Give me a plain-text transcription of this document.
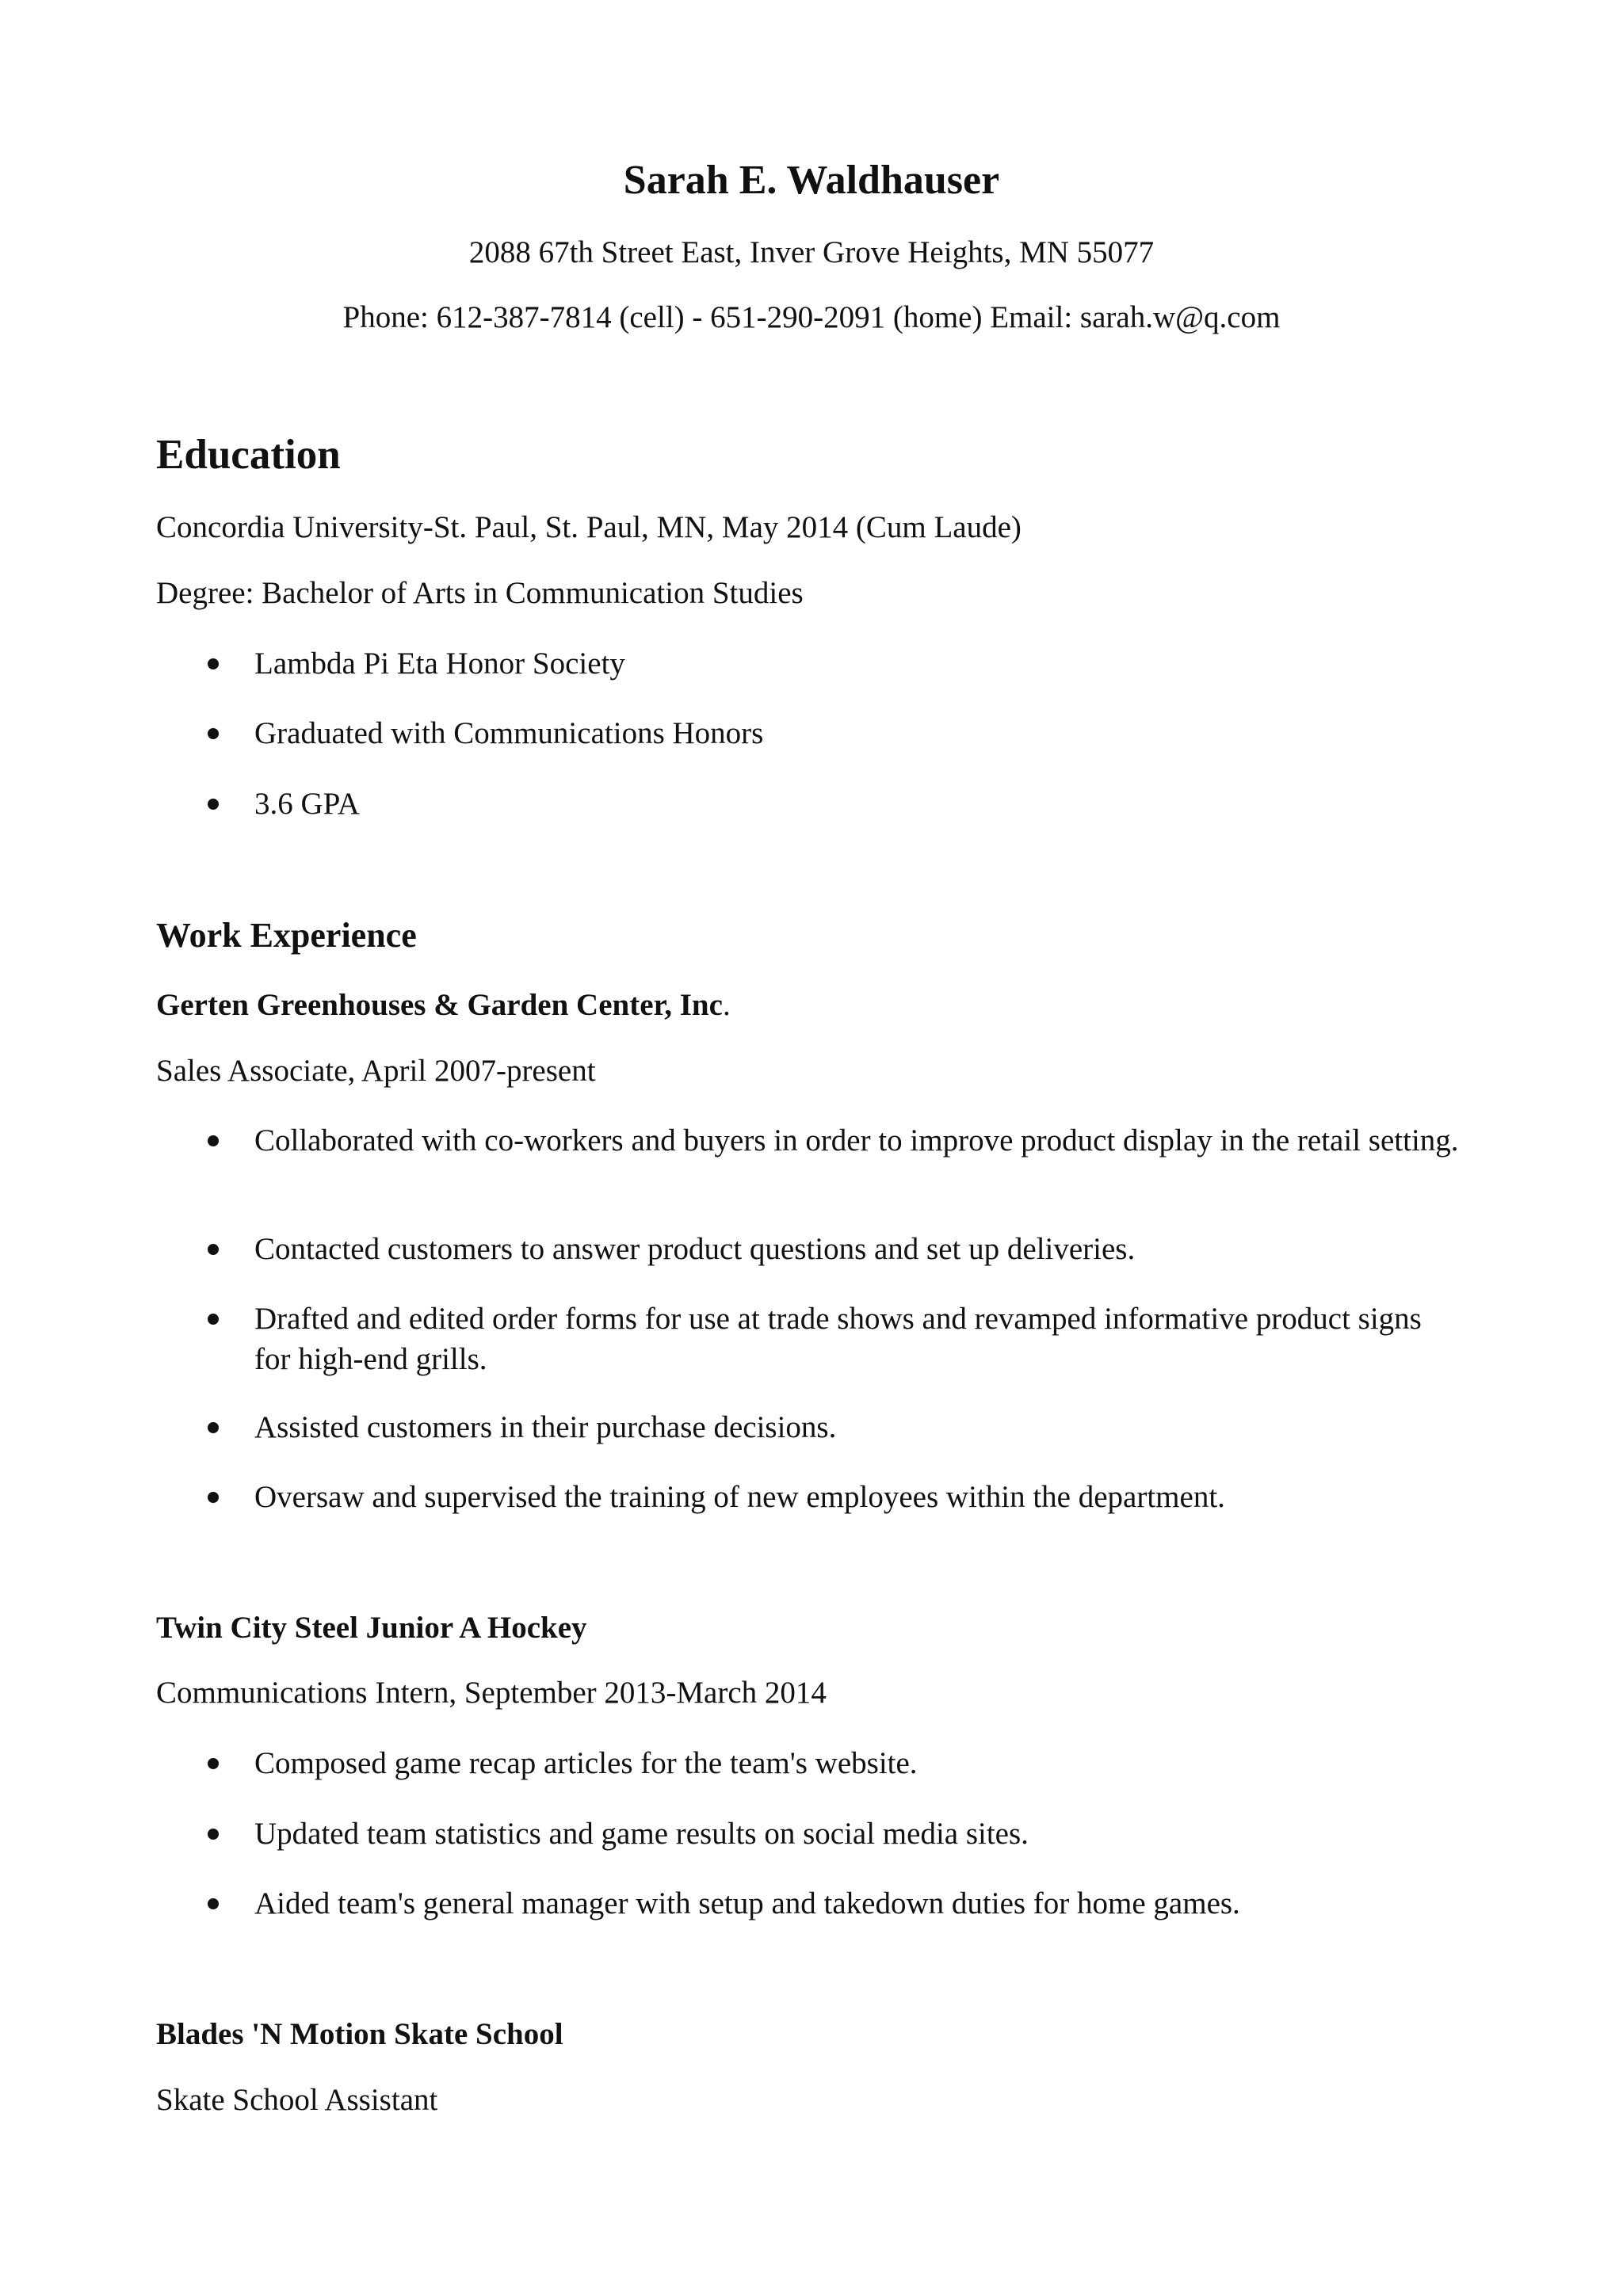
Sarah E. Waldhauser

2088 67th Street East, Inver Grove Heights, MN 55077

Phone: 612-387-7814 (cell) - 651-290-2091 (home) Email: sarah.w@q.com

Education

Concordia University-St. Paul, St. Paul, MN, May 2014 (Cum Laude)

Degree: Bachelor of Arts in Communication Studies

Lambda Pi Eta Honor Society
Graduated with Communications Honors
3.6 GPA
Work Experience

Gerten Greenhouses & Garden Center, Inc.

Sales Associate, April 2007-present

Collaborated with co-workers and buyers in order to improve product display in the retail setting.
Contacted customers to answer product questions and set up deliveries.
Drafted and edited order forms for use at trade shows and revamped informative product signs for high-end grills.
Assisted customers in their purchase decisions.
Oversaw and supervised the training of new employees within the department.

Twin City Steel Junior A Hockey

Communications Intern, September 2013-March 2014

Composed game recap articles for the team's website.
Updated team statistics and game results on social media sites.
Aided team's general manager with setup and takedown duties for home games.

Blades 'N Motion Skate School

Skate School Assistant
